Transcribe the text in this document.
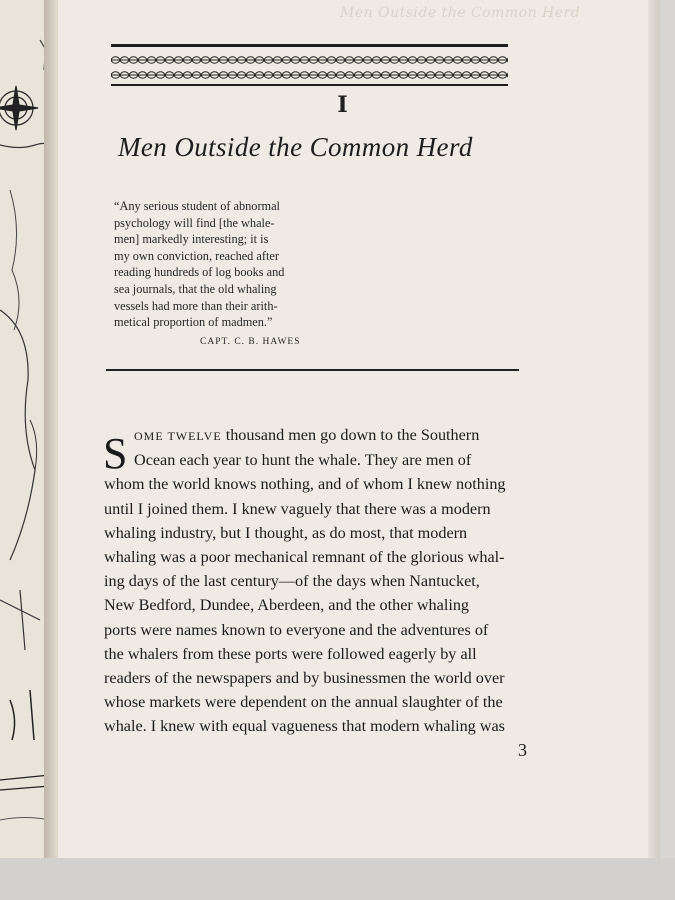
Men Outside the Common Herd
I
Men Outside the Common Herd
“Any serious student of abnormal
psychology will find [the whale-
men] markedly interesting; it is
my own conviction, reached after
reading hundreds of log books and
sea journals, that the old whaling
vessels had more than their arith-
metical proportion of madmen.”
CAPT. C. B. HAWES
S OME TWELVE thousand men go down to the Southern
Ocean each year to hunt the whale. They are men of
whom the world knows nothing, and of whom I knew nothing
until I joined them. I knew vaguely that there was a modern
whaling industry, but I thought, as do most, that modern
whaling was a poor mechanical remnant of the glorious whal-
ing days of the last century—of the days when Nantucket,
New Bedford, Dundee, Aberdeen, and the other whaling
ports were names known to everyone and the adventures of
the whalers from these ports were followed eagerly by all
readers of the newspapers and by businessmen the world over
whose markets were dependent on the annual slaughter of the
whale. I knew with equal vagueness that modern whaling was
3
